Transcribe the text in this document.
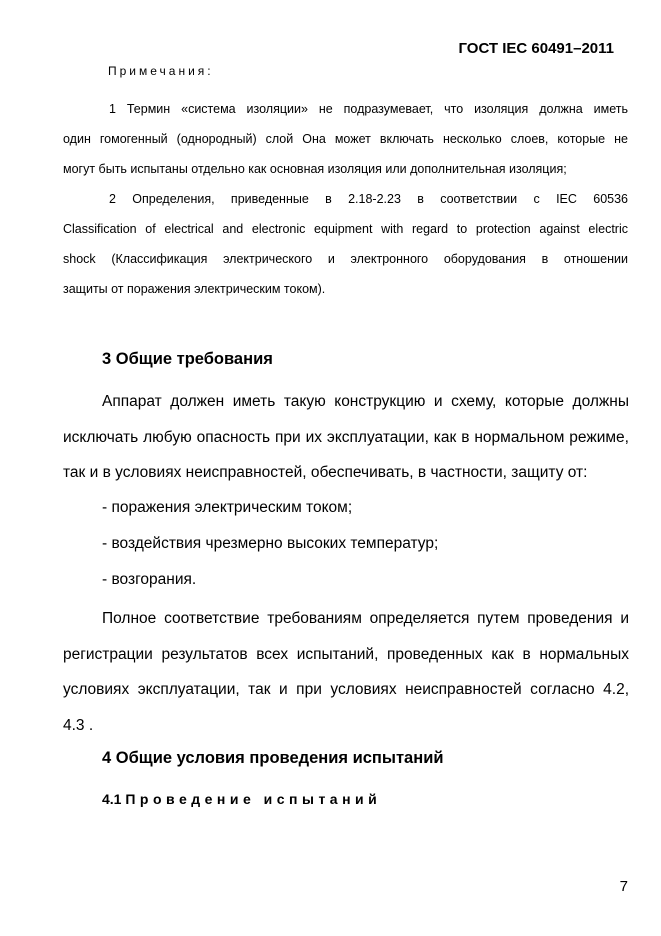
ГОСТ IEC 60491–2011
Примечания:
1 Термин «система изоляции» не подразумевает, что изоляция должна иметь
один гомогенный (однородный) слой Она может включать несколько слоев, которые не
могут быть испытаны отдельно как основная изоляция или дополнительная изоляция;
2 Определения, приведенные в 2.18-2.23 в соответствии с IEC 60536
Classification of electrical and electronic equipment with regard to protection against electric
shock (Классификация электрического и электронного оборудования в отношении
защиты от поражения электрическим током).
3 Общие требования
Аппарат должен иметь такую конструкцию и схему, которые должны
исключать любую опасность при их эксплуатации, как в нормальном режиме,
так и в условиях неисправностей, обеспечивать, в частности, защиту от:
- поражения электрическим током;
- воздействия чрезмерно высоких температур;
- возгорания.
Полное соответствие требованиям определяется путем проведения и
регистрации результатов всех испытаний, проведенных как в нормальных
условиях эксплуатации, так и при условиях неисправностей согласно 4.2,
4.3 .
4 Общие условия проведения испытаний
4.1 Проведение испытаний
7
